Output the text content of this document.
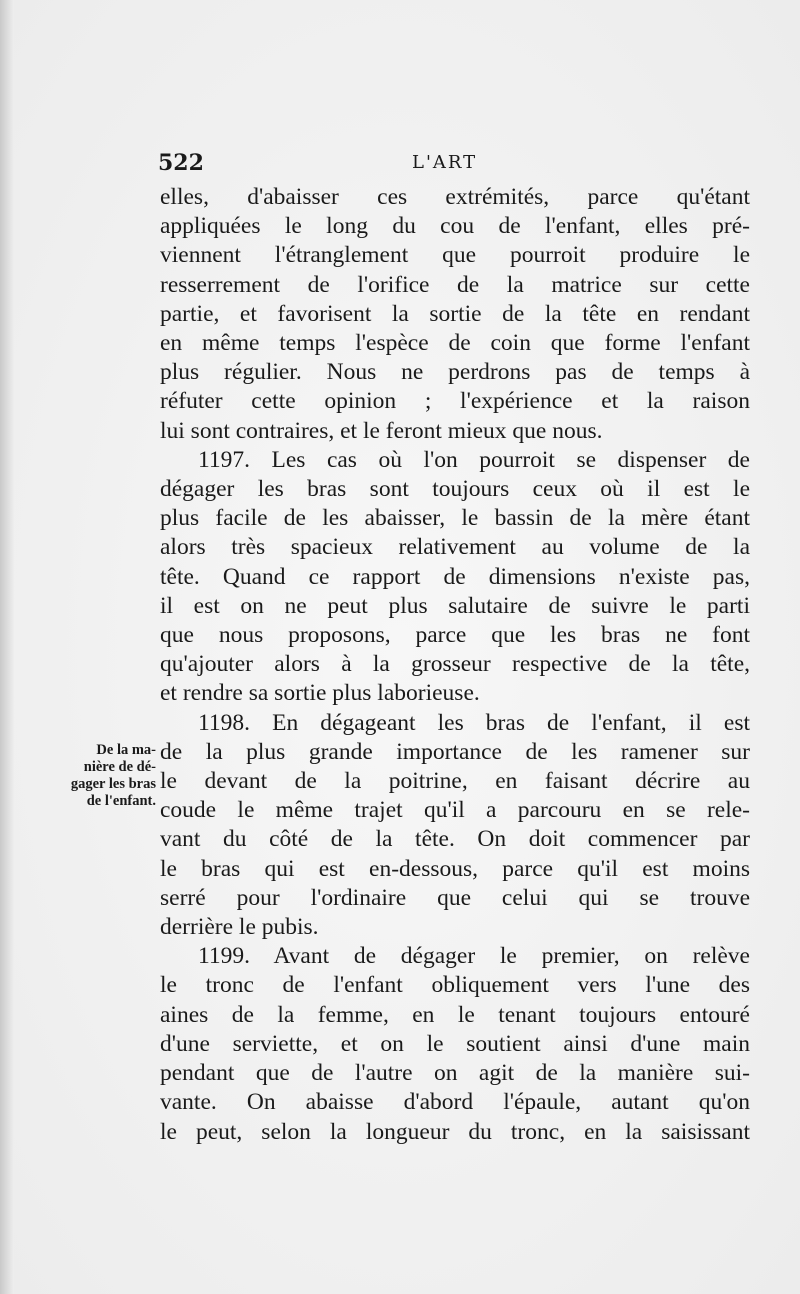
522	L'ART
De la ma-
nière de dé-
gager les bras
de l'enfant.
elles, d'abaisser ces extrémités, parce qu'étant
appliquées le long du cou de l'enfant, elles pré-
viennent l'étranglement que pourroit produire le
resserrement de l'orifice de la matrice sur cette
partie, et favorisent la sortie de la tête en rendant
en même temps l'espèce de coin que forme l'enfant
plus régulier. Nous ne perdrons pas de temps à
réfuter cette opinion ; l'expérience et la raison
lui sont contraires, et le feront mieux que nous.
1197. Les cas où l'on pourroit se dispenser de
dégager les bras sont toujours ceux où il est le
plus facile de les abaisser, le bassin de la mère étant
alors très spacieux relativement au volume de la
tête. Quand ce rapport de dimensions n'existe pas,
il est on ne peut plus salutaire de suivre le parti
que nous proposons, parce que les bras ne font
qu'ajouter alors à la grosseur respective de la tête,
et rendre sa sortie plus laborieuse.
1198. En dégageant les bras de l'enfant, il est
de la plus grande importance de les ramener sur
le devant de la poitrine, en faisant décrire au
coude le même trajet qu'il a parcouru en se rele-
vant du côté de la tête. On doit commencer par
le bras qui est en-dessous, parce qu'il est moins
serré pour l'ordinaire que celui qui se trouve
derrière le pubis.
1199. Avant de dégager le premier, on relève
le tronc de l'enfant obliquement vers l'une des
aines de la femme, en le tenant toujours entouré
d'une serviette, et on le soutient ainsi d'une main
pendant que de l'autre on agit de la manière sui-
vante. On abaisse d'abord l'épaule, autant qu'on
le peut, selon la longueur du tronc, en la saisissant
